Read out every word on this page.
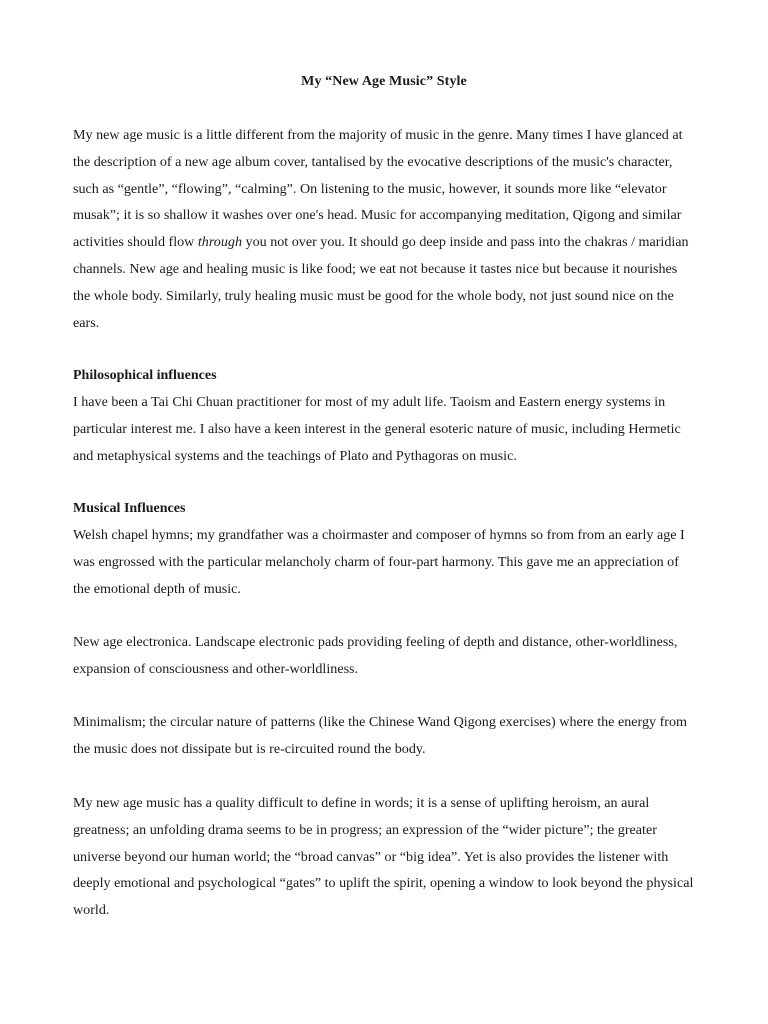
My “New Age Music” Style

My new age music is a little different from the majority of music in the genre. Many times I have glanced at the description of a new age album cover, tantalised by the evocative descriptions of the music's character, such as “gentle”, “flowing”, “calming”. On listening to the music, however, it sounds more like “elevator musak”; it is so shallow it washes over one's head. Music for accompanying meditation, Qigong and similar activities should flow through you not over you. It should go deep inside and pass into the chakras / maridian channels. New age and healing music is like food; we eat not because it tastes nice but because it nourishes the whole body. Similarly, truly healing music must be good for the whole body, not just sound nice on the ears.

Philosophical influences

I have been a Tai Chi Chuan practitioner for most of my adult life. Taoism and Eastern energy systems in particular interest me. I also have a keen interest in the general esoteric nature of music, including Hermetic and metaphysical systems and the teachings of Plato and Pythagoras on music.

Musical Influences

Welsh chapel hymns; my grandfather was a choirmaster and composer of hymns so from from an early age I was engrossed with the particular melancholy charm of four-part harmony. This gave me an appreciation of the emotional depth of music.

New age electronica. Landscape electronic pads providing feeling of depth and distance, other-worldliness, expansion of consciousness and other-worldliness.

Minimalism; the circular nature of patterns (like the Chinese Wand Qigong exercises) where the energy from the music does not dissipate but is re-circuited round the body.

My new age music has a quality difficult to define in words; it is a sense of uplifting heroism, an aural greatness; an unfolding drama seems to be in progress; an expression of the “wider picture”; the greater universe beyond our human world; the “broad canvas” or “big idea”. Yet is also provides the listener with deeply emotional and psychological “gates” to uplift the spirit, opening a window to look beyond the physical world.
